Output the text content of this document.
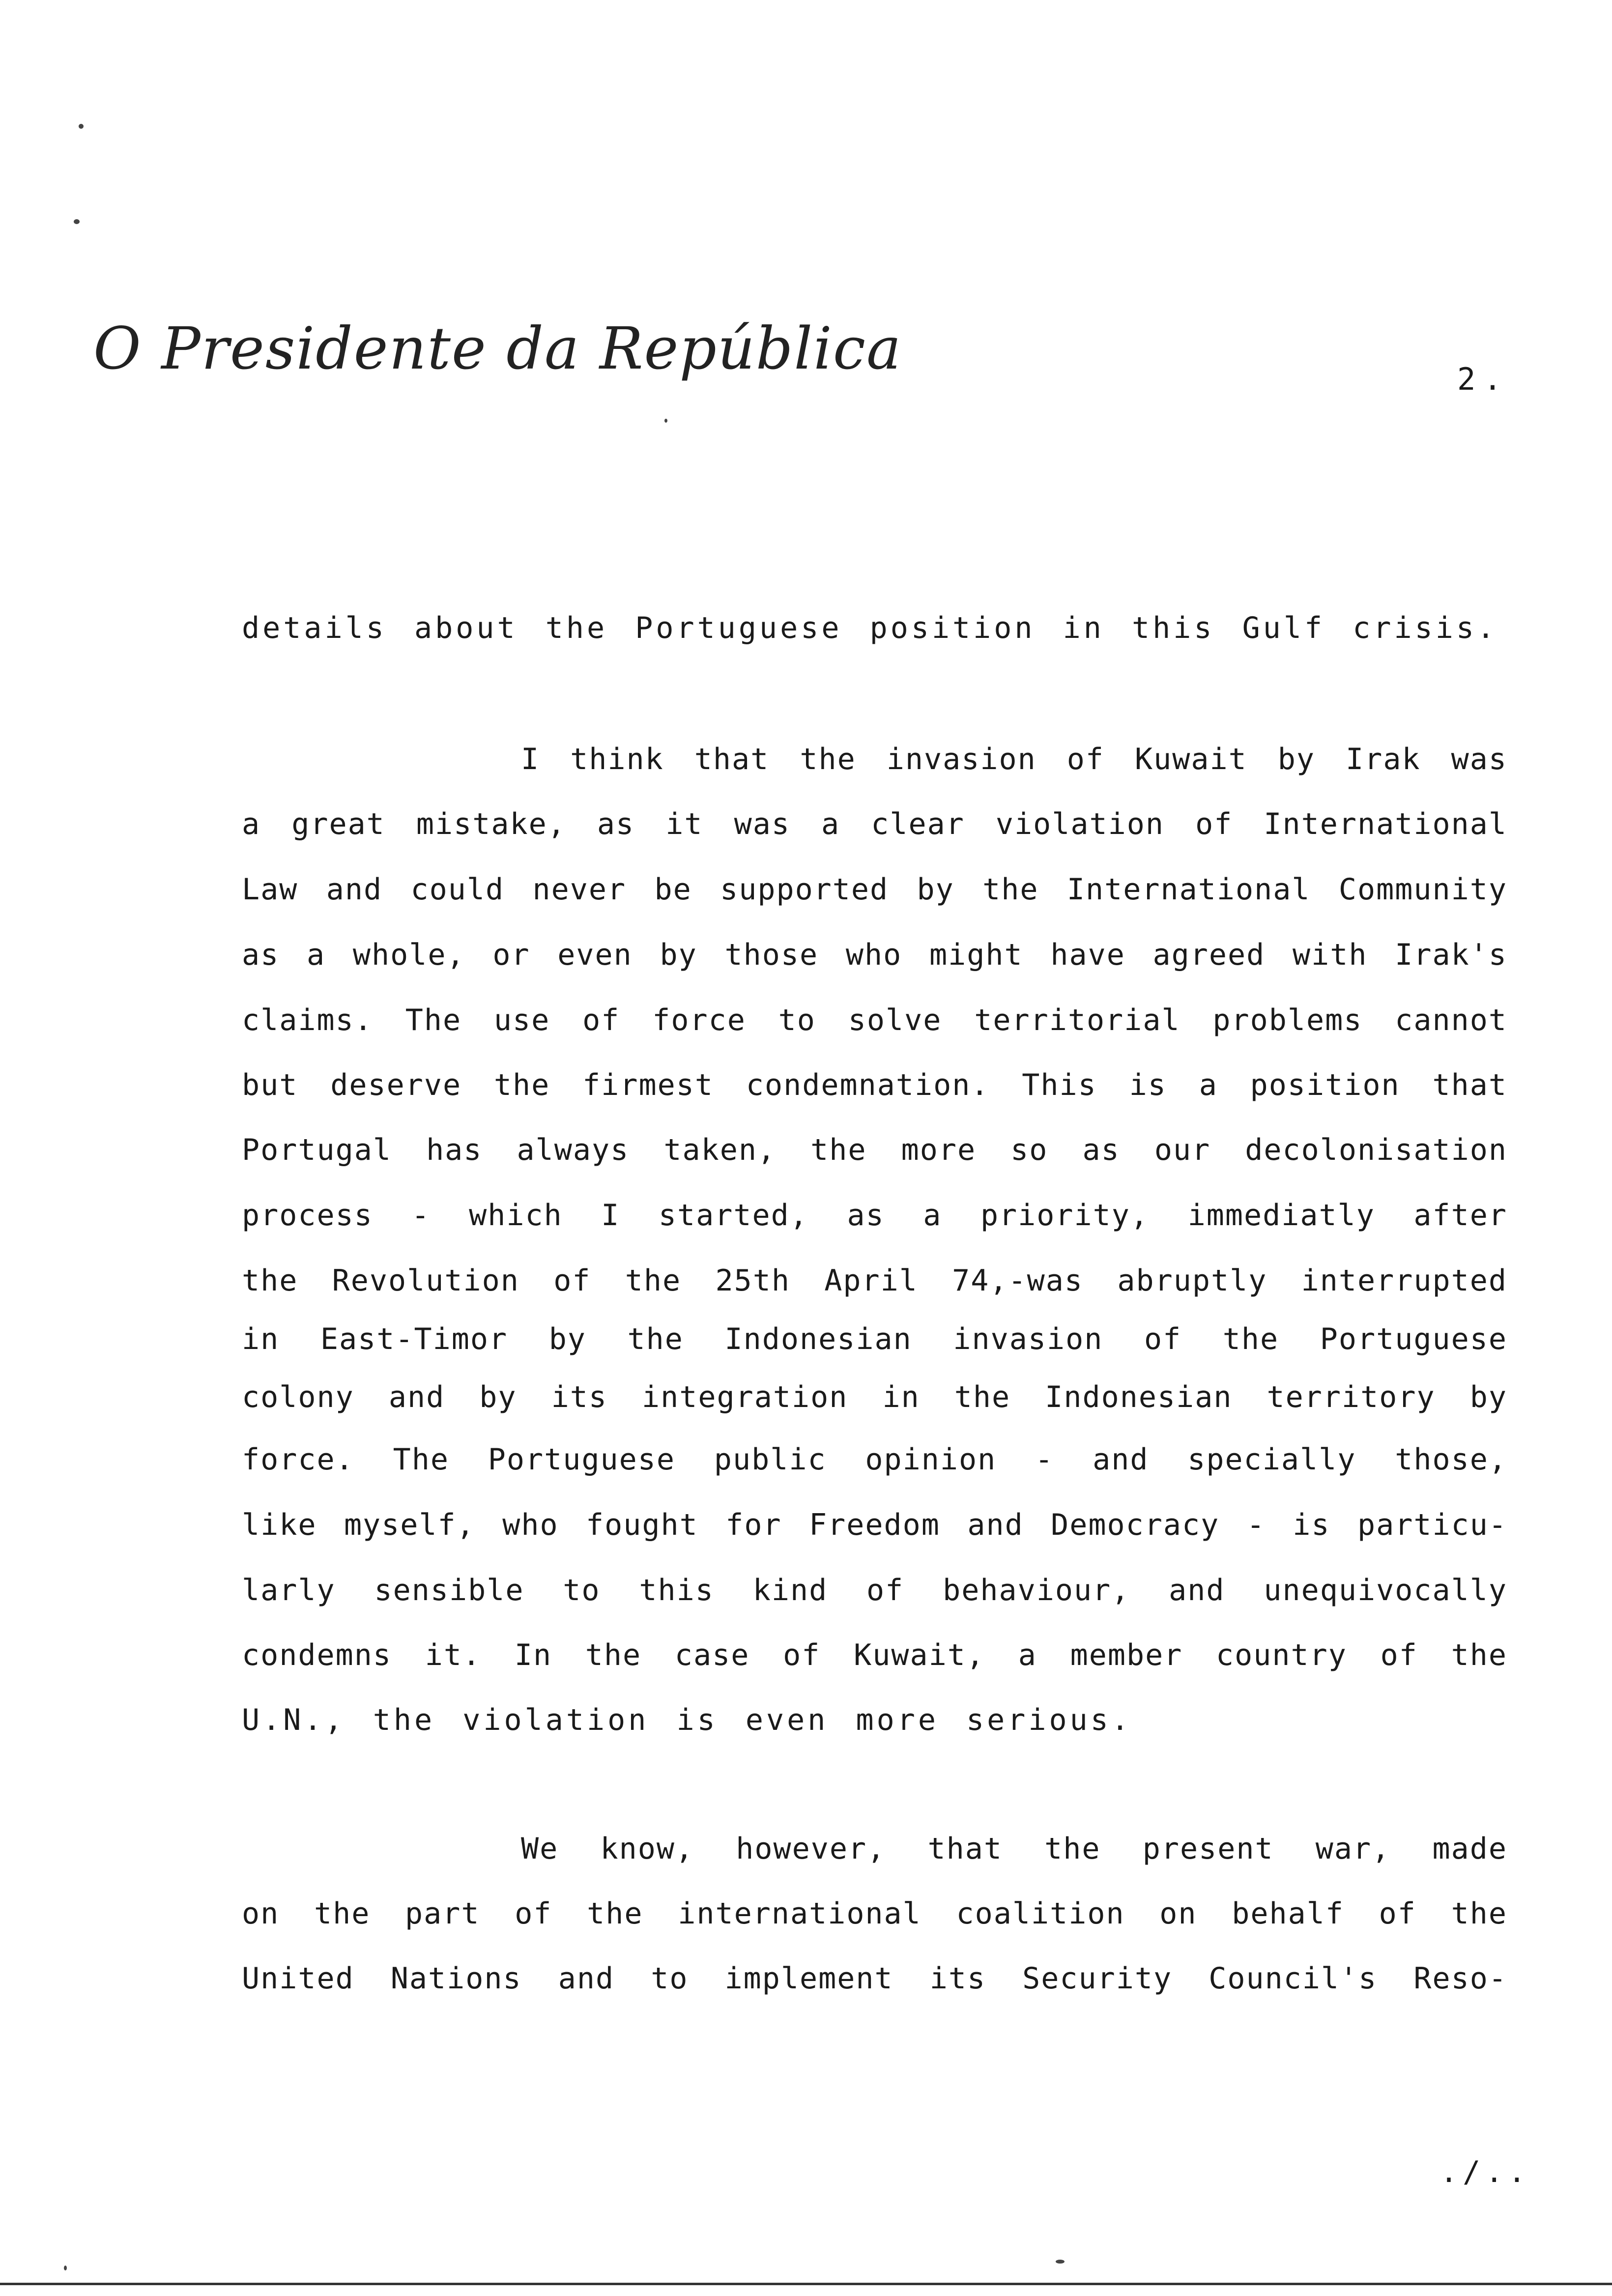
O Presidente da República	2.
details about the Portuguese position in this Gulf crisis.
I think that the invasion of Kuwait by Irak was
a great mistake, as it was a clear violation of International
Law and could never be supported by the International Community
as a whole, or even by those who might have agreed with Irak's
claims. The use of force to solve territorial problems cannot
but deserve the firmest condemnation. This is a position that
Portugal has always taken, the more so as our decolonisation
process - which I started, as a priority, immediatly after
the Revolution of the 25th April 74,-was abruptly interrupted
in East-Timor by the Indonesian invasion of the Portuguese
colony and by its integration in the Indonesian territory by
force. The Portuguese public opinion - and specially those,
like myself, who fought for Freedom and Democracy - is particu-
larly sensible to this kind of behaviour, and unequivocally
condemns it. In the case of Kuwait, a member country of the
U.N., the violation is even more serious.
We know, however, that the present war, made
on the part of the international coalition on behalf of the
United Nations and to implement its Security Council's Reso-
./..
